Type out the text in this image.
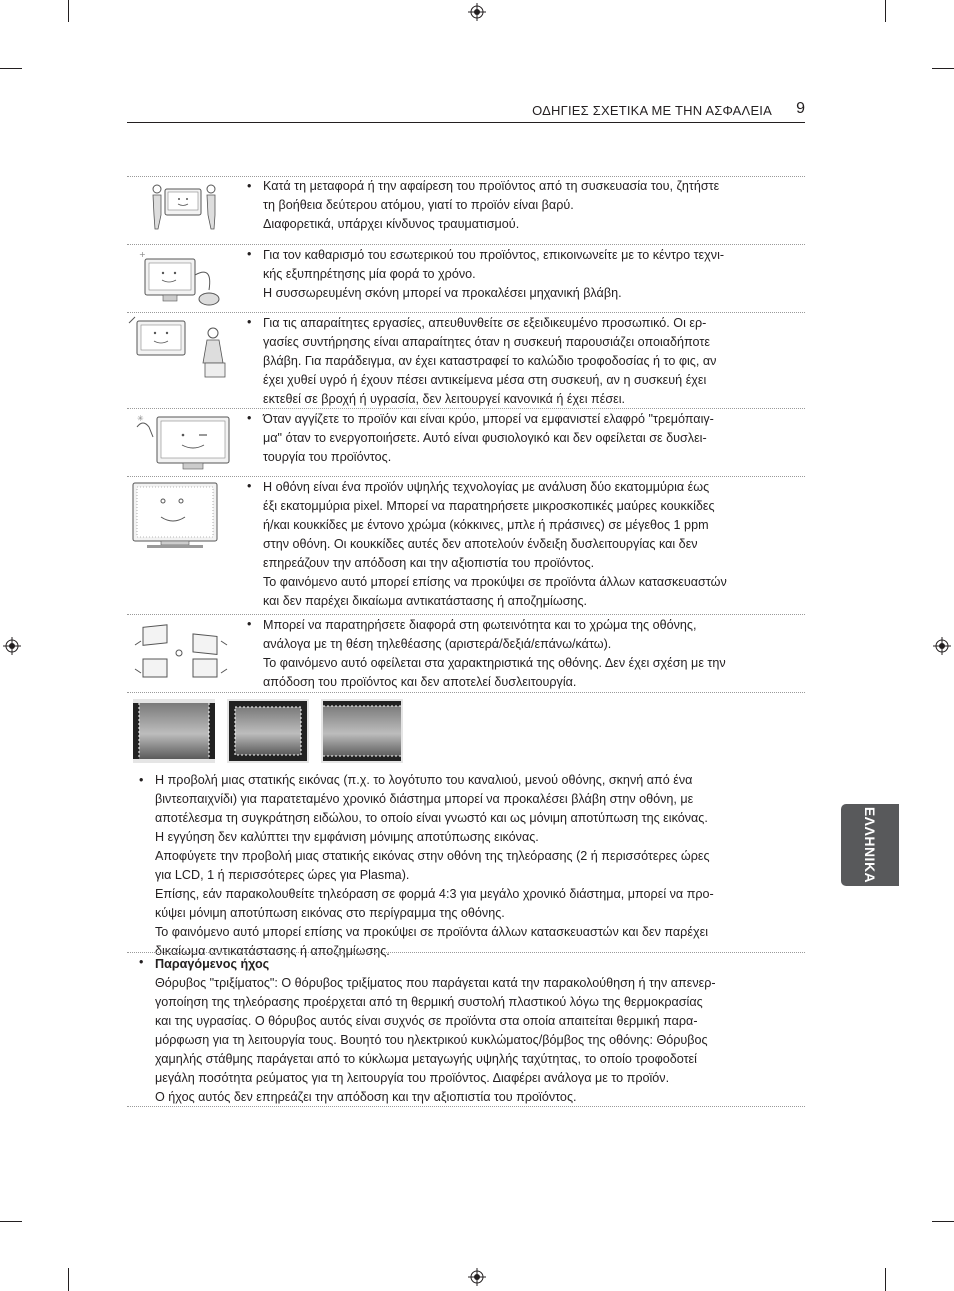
ΟΔΗΓΙΕΣ ΣΧΕΤΙΚΑ ΜΕ ΤΗΝ ΑΣΦΑΛΕΙΑ 9
ΕΛΛΗΝΙΚΑ
• Κατά τη μεταφορά ή την αφαίρεση του προϊόντος από τη συσκευασία του, ζητήστε
τη βοήθεια δεύτερου ατόμου, γιατί το προϊόν είναι βαρύ.
Διαφορετικά, υπάρχει κίνδυνος τραυματισμού.
+	• Για τον καθαρισμό του εσωτερικού του προϊόντος, επικοινωνείτε με το κέντρο τεχνι-
κής εξυπηρέτησης μία φορά το χρόνο.
Η συσσωρευμένη σκόνη μπορεί να προκαλέσει μηχανική βλάβη.
• Για τις απαραίτητες εργασίες, απευθυνθείτε σε εξειδικευμένο προσωπικό. Οι ερ-
γασίες συντήρησης είναι απαραίτητες όταν η συσκευή παρουσιάζει οποιαδήποτε
βλάβη. Για παράδειγμα, αν έχει καταστραφεί το καλώδιο τροφοδοσίας ή το φις, αν
έχει χυθεί υγρό ή έχουν πέσει αντικείμενα μέσα στη συσκευή, αν η συσκευή έχει
εκτεθεί σε βροχή ή υγρασία, δεν λειτουργεί κανονικά ή έχει πέσει.
✳	• Όταν αγγίζετε το προϊόν και είναι κρύο, μπορεί να εμφανιστεί ελαφρό "τρεμόπαιγ-
μα" όταν το ενεργοποιήσετε. Αυτό είναι φυσιολογικό και δεν οφείλεται σε δυσλει-
τουργία του προϊόντος.
• Η οθόνη είναι ένα προϊόν υψηλής τεχνολογίας με ανάλυση δύο εκατομμύρια έως
έξι εκατομμύρια pixel. Μπορεί να παρατηρήσετε μικροσκοπικές μαύρες κουκκίδες
ή/και κουκκίδες με έντονο χρώμα (κόκκινες, μπλε ή πράσινες) σε μέγεθος 1 ppm
στην οθόνη. Οι κουκκίδες αυτές δεν αποτελούν ένδειξη δυσλειτουργίας και δεν
επηρεάζουν την απόδοση και την αξιοπιστία του προϊόντος.
Το φαινόμενο αυτό μπορεί επίσης να προκύψει σε προϊόντα άλλων κατασκευαστών
και δεν παρέχει δικαίωμα αντικατάστασης ή αποζημίωσης.
• Μπορεί να παρατηρήσετε διαφορά στη φωτεινότητα και το χρώμα της οθόνης,
ανάλογα με τη θέση τηλεθέασης (αριστερά/δεξιά/επάνω/κάτω).
Το φαινόμενο αυτό οφείλεται στα χαρακτηριστικά της οθόνης. Δεν έχει σχέση με την
απόδοση του προϊόντος και δεν αποτελεί δυσλειτουργία.
• Η προβολή μιας στατικής εικόνας (π.χ. το λογότυπο του καναλιού, μενού οθόνης, σκηνή από ένα
βιντεοπαιχνίδι) για παρατεταμένο χρονικό διάστημα μπορεί να προκαλέσει βλάβη στην οθόνη, με
αποτέλεσμα τη συγκράτηση ειδώλου, το οποίο είναι γνωστό και ως μόνιμη αποτύπωση της εικόνας.
Η εγγύηση δεν καλύπτει την εμφάνιση μόνιμης αποτύπωσης εικόνας.
Αποφύγετε την προβολή μιας στατικής εικόνας στην οθόνη της τηλεόρασης (2 ή περισσότερες ώρες
για LCD, 1 ή περισσότερες ώρες για Plasma).
Επίσης, εάν παρακολουθείτε τηλεόραση σε φορμά 4:3 για μεγάλο χρονικό διάστημα, μπορεί να προ-
κύψει μόνιμη αποτύπωση εικόνας στο περίγραμμα της οθόνης.
Το φαινόμενο αυτό μπορεί επίσης να προκύψει σε προϊόντα άλλων κατασκευαστών και δεν παρέχει
δικαίωμα αντικατάστασης ή αποζημίωσης.
• Παραγόμενος ήχος
Θόρυβος "τριξίματος": Ο θόρυβος τριξίματος που παράγεται κατά την παρακολούθηση ή την απενερ-
γοποίηση της τηλεόρασης προέρχεται από τη θερμική συστολή πλαστικού λόγω της θερμοκρασίας
και της υγρασίας. Ο θόρυβος αυτός είναι συχνός σε προϊόντα στα οποία απαιτείται θερμική παρα-
μόρφωση για τη λειτουργία τους. Βουητό του ηλεκτρικού κυκλώματος/βόμβος της οθόνης: Θόρυβος
χαμηλής στάθμης παράγεται από το κύκλωμα μεταγωγής υψηλής ταχύτητας, το οποίο τροφοδοτεί
μεγάλη ποσότητα ρεύματος για τη λειτουργία του προϊόντος. Διαφέρει ανάλογα με το προϊόν.
Ο ήχος αυτός δεν επηρεάζει την απόδοση και την αξιοπιστία του προϊόντος.
